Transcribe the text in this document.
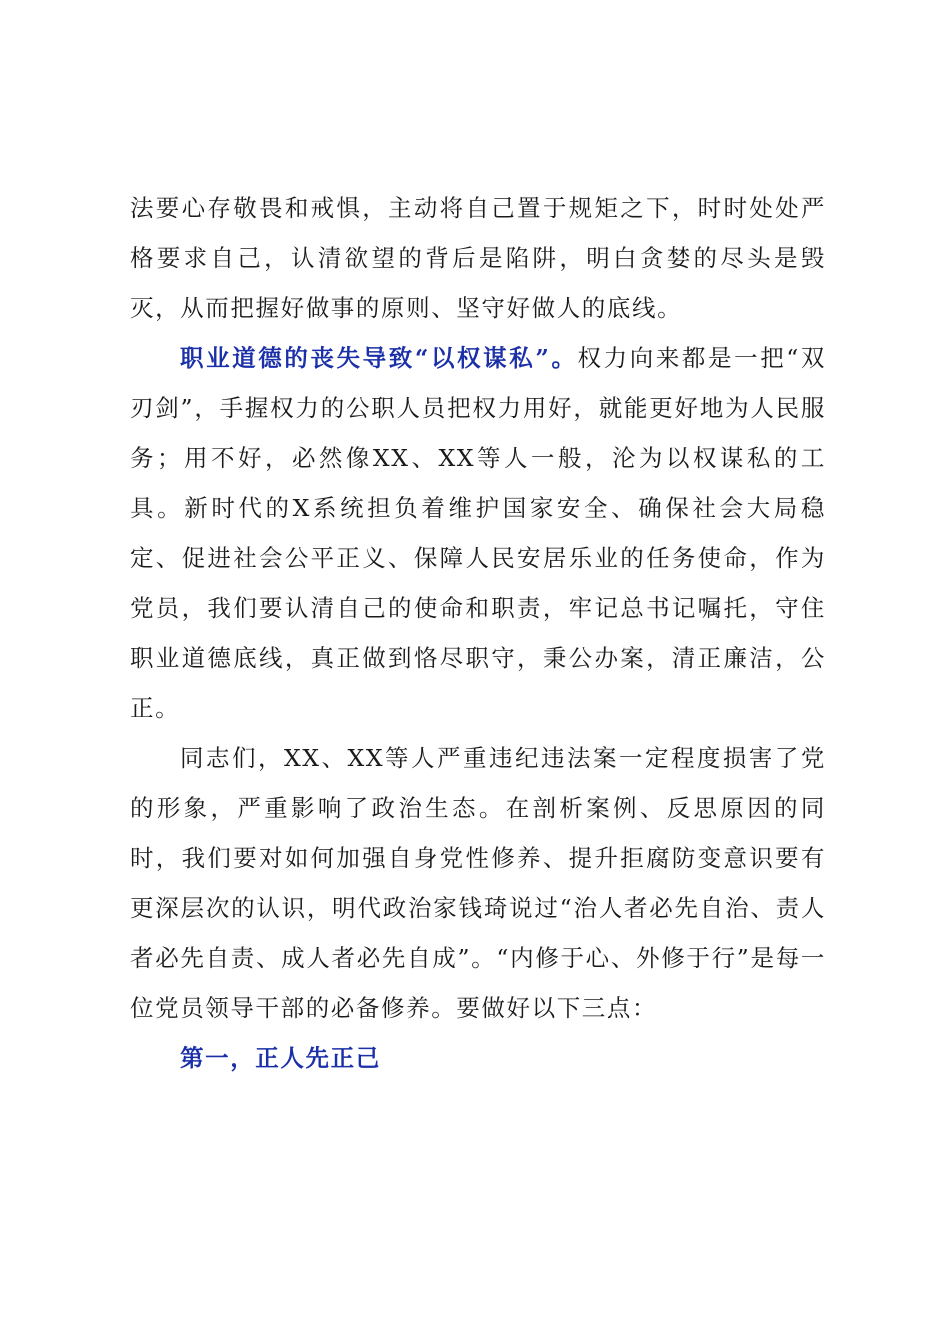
法要心存敬畏和戒惧，主动将自己置于规矩之下，时时处处严格要求自己，认清欲望的背后是陷阱，明白贪婪的尽头是毁灭，从而把握好做事的原则、坚守好做人的底线。

职业道德的丧失导致“以权谋私”。权力向来都是一把“双刃剑”，手握权力的公职人员把权力用好，就能更好地为人民服务；用不好，必然像XX、XX等人一般，沦为以权谋私的工具。新时代的X系统担负着维护国家安全、确保社会大局稳定、促进社会公平正义、保障人民安居乐业的任务使命，作为党员，我们要认清自己的使命和职责，牢记总书记嘱托，守住职业道德底线，真正做到恪尽职守，秉公办案，清正廉洁，公正。

同志们，XX、XX等人严重违纪违法案一定程度损害了党的形象，严重影响了政治生态。在剖析案例、反思原因的同时，我们要对如何加强自身党性修养、提升拒腐防变意识要有更深层次的认识，明代政治家钱琦说过“治人者必先自治、责人者必先自责、成人者必先自成”。“内修于心、外修于行”是每一位党员领导干部的必备修养。要做好以下三点：

第一，正人先正己
